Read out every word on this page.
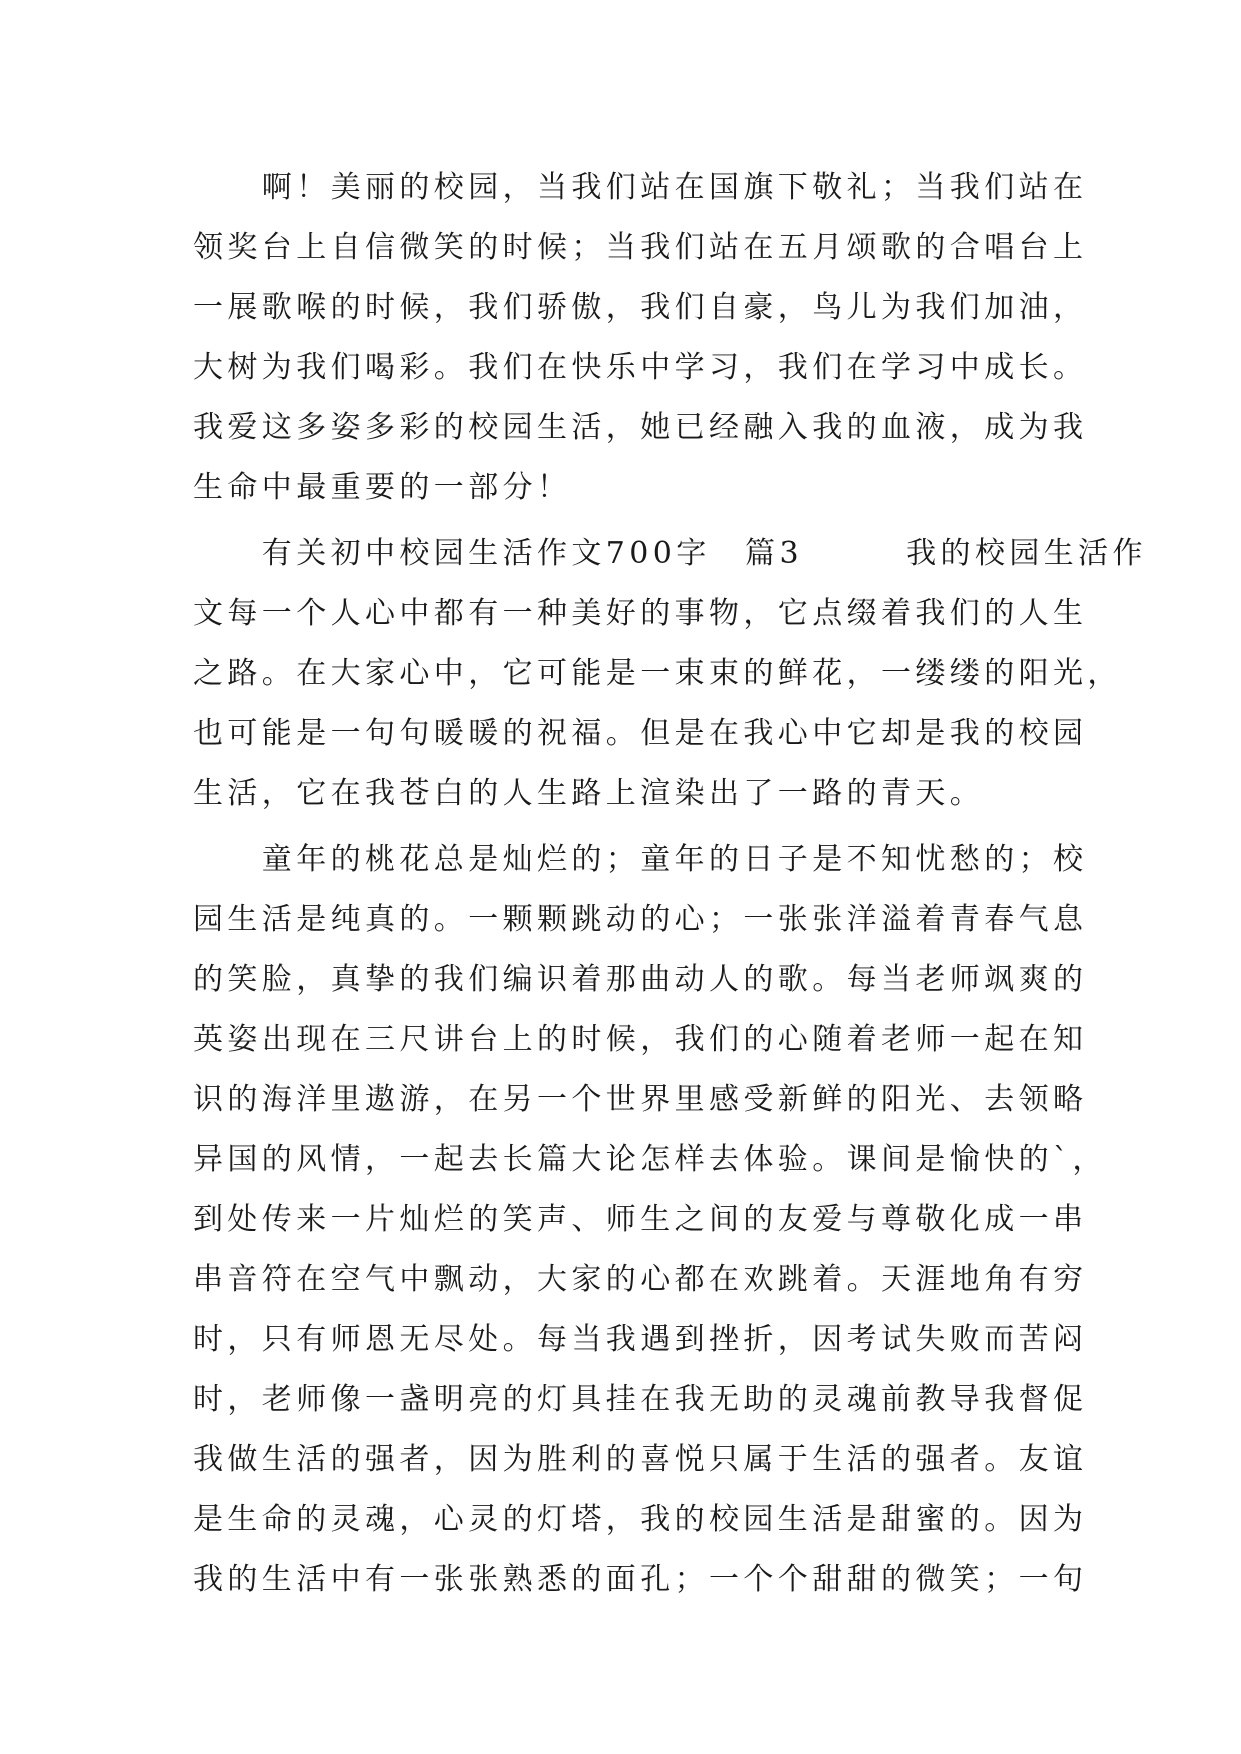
　　啊！美丽的校园，当我们站在国旗下敬礼；当我们站在
领奖台上自信微笑的时候；当我们站在五月颂歌的合唱台上
一展歌喉的时候，我们骄傲，我们自豪，鸟儿为我们加油，
大树为我们喝彩。我们在快乐中学习，我们在学习中成长。
我爱这多姿多彩的校园生活，她已经融入我的血液，成为我
生命中最重要的一部分！
　　有关初中校园生活作文700字　篇3　　　我的校园生活作
文每一个人心中都有一种美好的事物，它点缀着我们的人生
之路。在大家心中，它可能是一束束的鲜花，一缕缕的阳光，
也可能是一句句暖暖的祝福。但是在我心中它却是我的校园
生活，它在我苍白的人生路上渲染出了一路的青天。
　　童年的桃花总是灿烂的；童年的日子是不知忧愁的；校
园生活是纯真的。一颗颗跳动的心；一张张洋溢着青春气息
的笑脸，真挚的我们编识着那曲动人的歌。每当老师飒爽的
英姿出现在三尺讲台上的时候，我们的心随着老师一起在知
识的海洋里遨游，在另一个世界里感受新鲜的阳光、去领略
异国的风情，一起去长篇大论怎样去体验。课间是愉快的`，
到处传来一片灿烂的笑声、师生之间的友爱与尊敬化成一串
串音符在空气中飘动，大家的心都在欢跳着。天涯地角有穷
时，只有师恩无尽处。每当我遇到挫折，因考试失败而苦闷
时，老师像一盏明亮的灯具挂在我无助的灵魂前教导我督促
我做生活的强者，因为胜利的喜悦只属于生活的强者。友谊
是生命的灵魂，心灵的灯塔，我的校园生活是甜蜜的。因为
我的生活中有一张张熟悉的面孔；一个个甜甜的微笑；一句
